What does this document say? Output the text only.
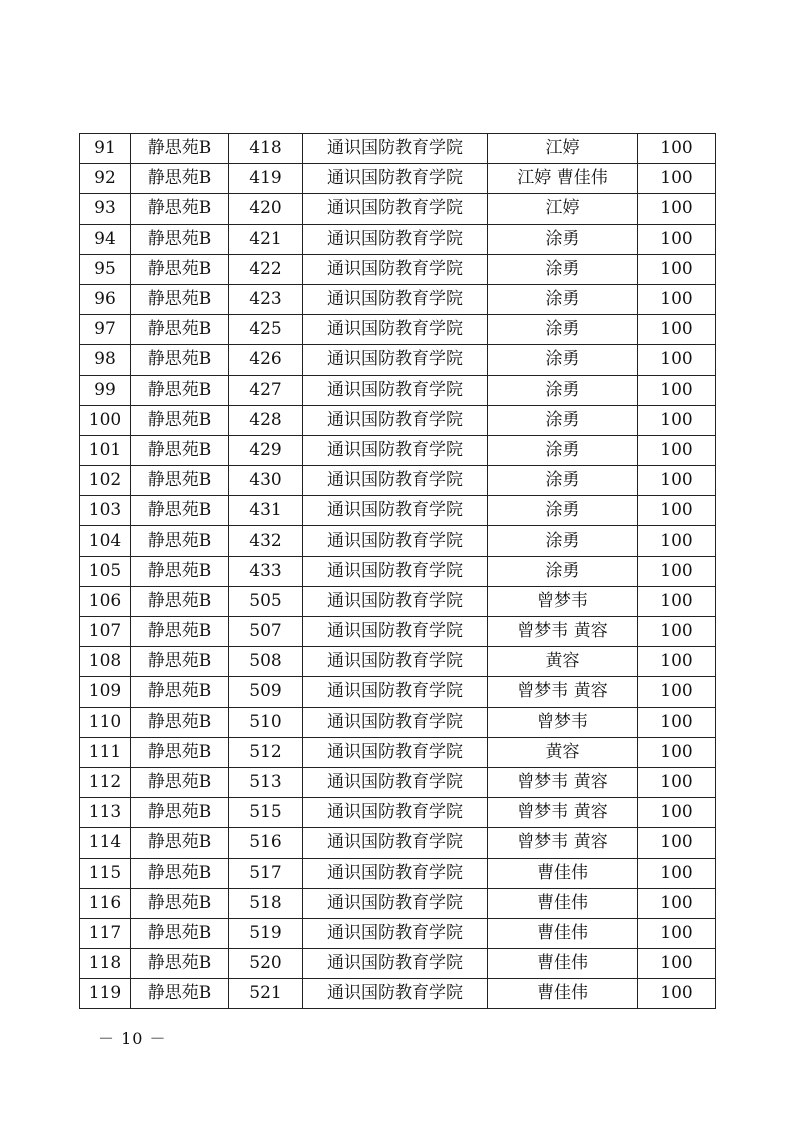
91	静思苑B	418	通识国防教育学院	江婷	100
92	静思苑B	419	通识国防教育学院	江婷 曹佳伟	100
93	静思苑B	420	通识国防教育学院	江婷	100
94	静思苑B	421	通识国防教育学院	涂勇	100
95	静思苑B	422	通识国防教育学院	涂勇	100
96	静思苑B	423	通识国防教育学院	涂勇	100
97	静思苑B	425	通识国防教育学院	涂勇	100
98	静思苑B	426	通识国防教育学院	涂勇	100
99	静思苑B	427	通识国防教育学院	涂勇	100
100	静思苑B	428	通识国防教育学院	涂勇	100
101	静思苑B	429	通识国防教育学院	涂勇	100
102	静思苑B	430	通识国防教育学院	涂勇	100
103	静思苑B	431	通识国防教育学院	涂勇	100
104	静思苑B	432	通识国防教育学院	涂勇	100
105	静思苑B	433	通识国防教育学院	涂勇	100
106	静思苑B	505	通识国防教育学院	曾梦韦	100
107	静思苑B	507	通识国防教育学院	曾梦韦 黄容	100
108	静思苑B	508	通识国防教育学院	黄容	100
109	静思苑B	509	通识国防教育学院	曾梦韦 黄容	100
110	静思苑B	510	通识国防教育学院	曾梦韦	100
111	静思苑B	512	通识国防教育学院	黄容	100
112	静思苑B	513	通识国防教育学院	曾梦韦 黄容	100
113	静思苑B	515	通识国防教育学院	曾梦韦 黄容	100
114	静思苑B	516	通识国防教育学院	曾梦韦 黄容	100
115	静思苑B	517	通识国防教育学院	曹佳伟	100
116	静思苑B	518	通识国防教育学院	曹佳伟	100
117	静思苑B	519	通识国防教育学院	曹佳伟	100
118	静思苑B	520	通识国防教育学院	曹佳伟	100
119	静思苑B	521	通识国防教育学院	曹佳伟	100
－ 10 －
